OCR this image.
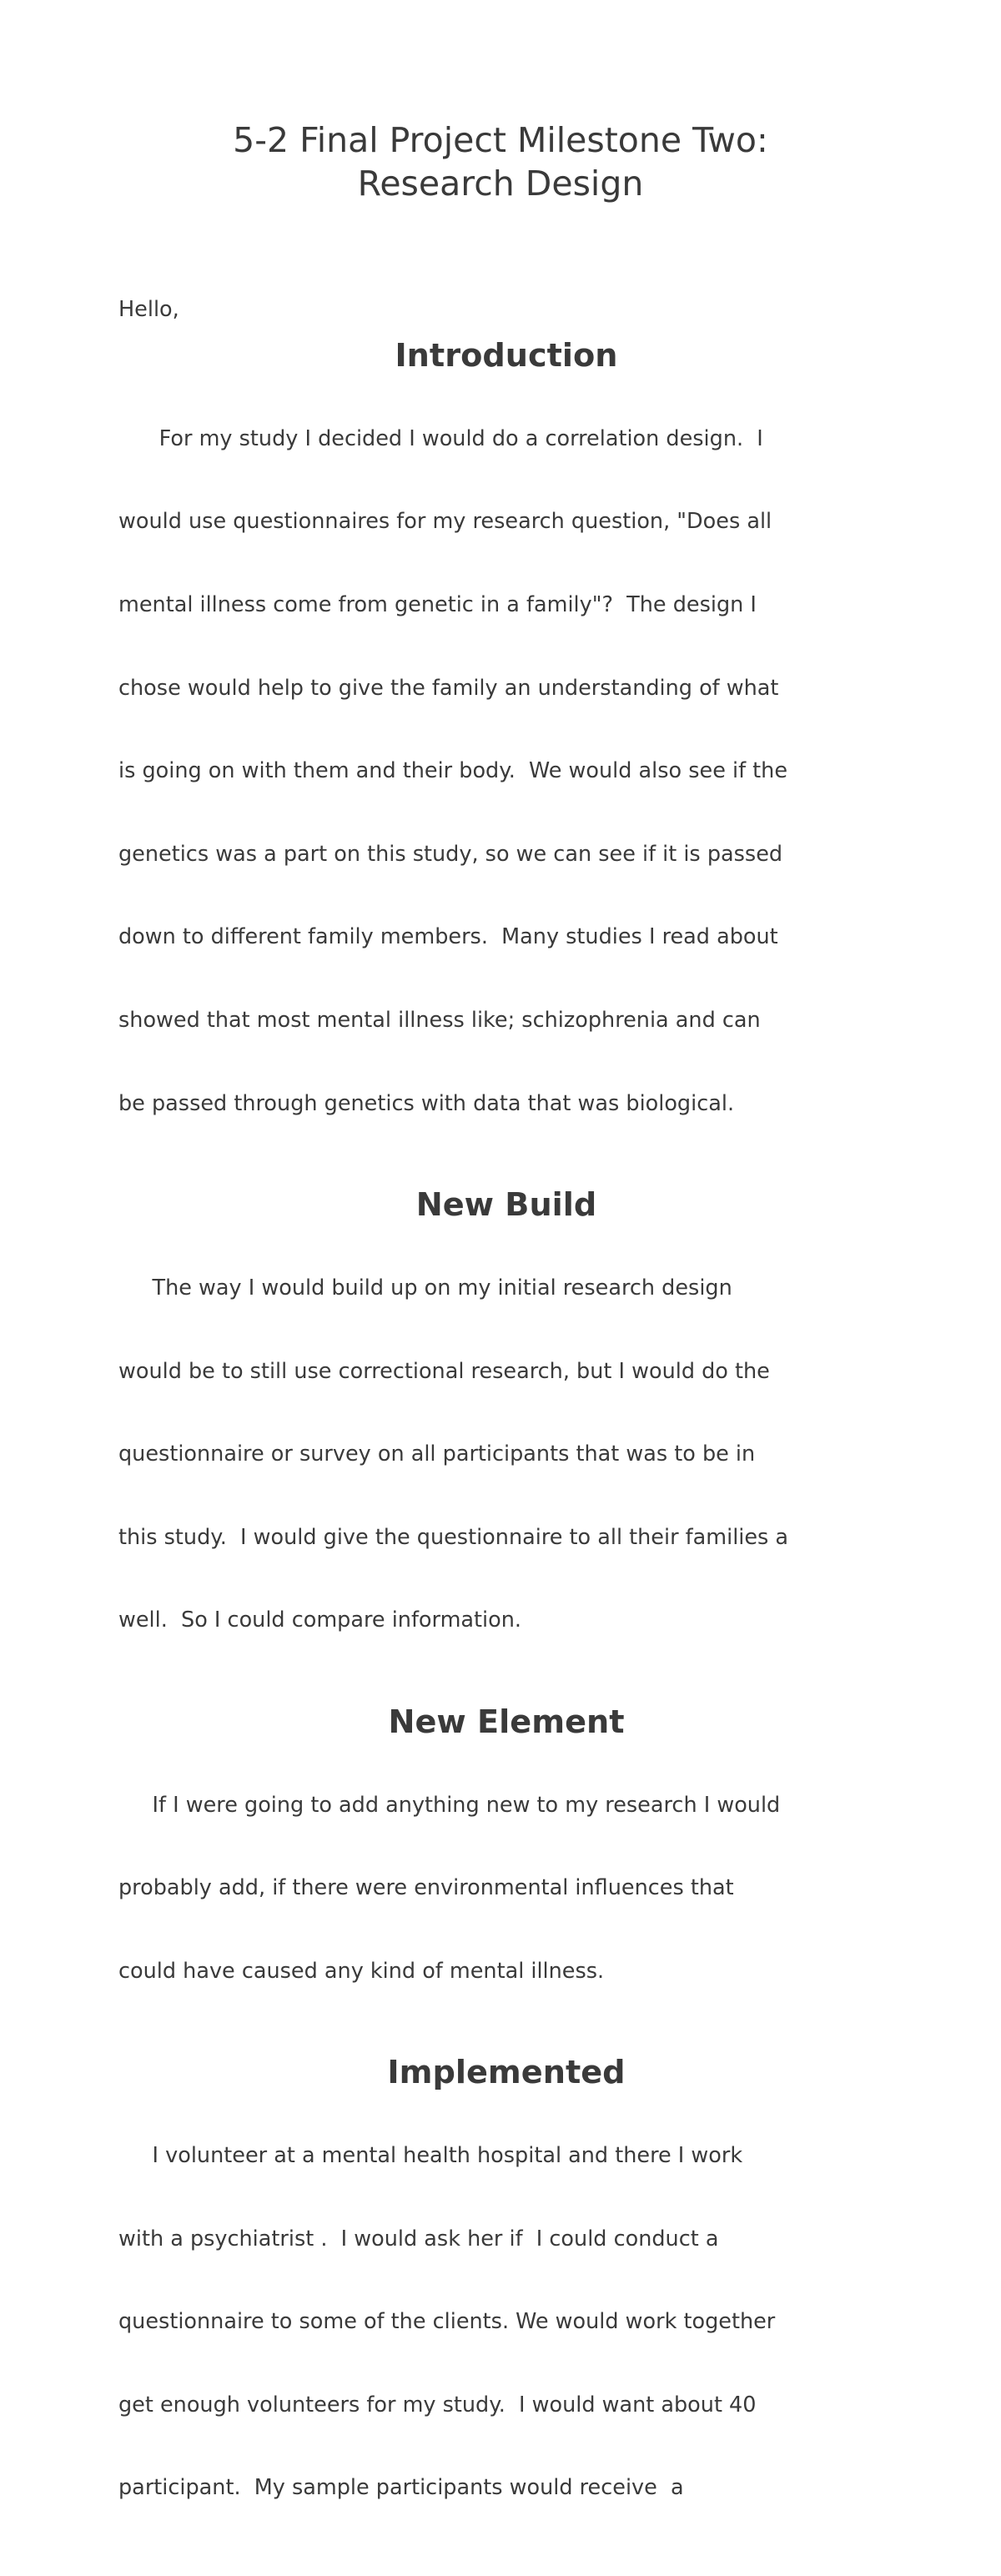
5-2 Final Project Milestone Two:
Research Design

Hello,

Introduction

For my study I decided I would do a correlation design.  I

would use questionnaires for my research question, "Does all

mental illness come from genetic in a family"?  The design I

chose would help to give the family an understanding of what

is going on with them and their body.  We would also see if the

genetics was a part on this study, so we can see if it is passed

down to different family members.  Many studies I read about

showed that most mental illness like; schizophrenia and can

be passed through genetics with data that was biological.

New Build

The way I would build up on my initial research design

would be to still use correctional research, but I would do the

questionnaire or survey on all participants that was to be in

this study.  I would give the questionnaire to all their families a

well.  So I could compare information.

New Element

If I were going to add anything new to my research I would

probably add, if there were environmental influences that

could have caused any kind of mental illness.

Implemented

I volunteer at a mental health hospital and there I work

with a psychiatrist .  I would ask her if  I could conduct a

questionnaire to some of the clients. We would work together

get enough volunteers for my study.  I would want about 40

participant.  My sample participants would receive  a
